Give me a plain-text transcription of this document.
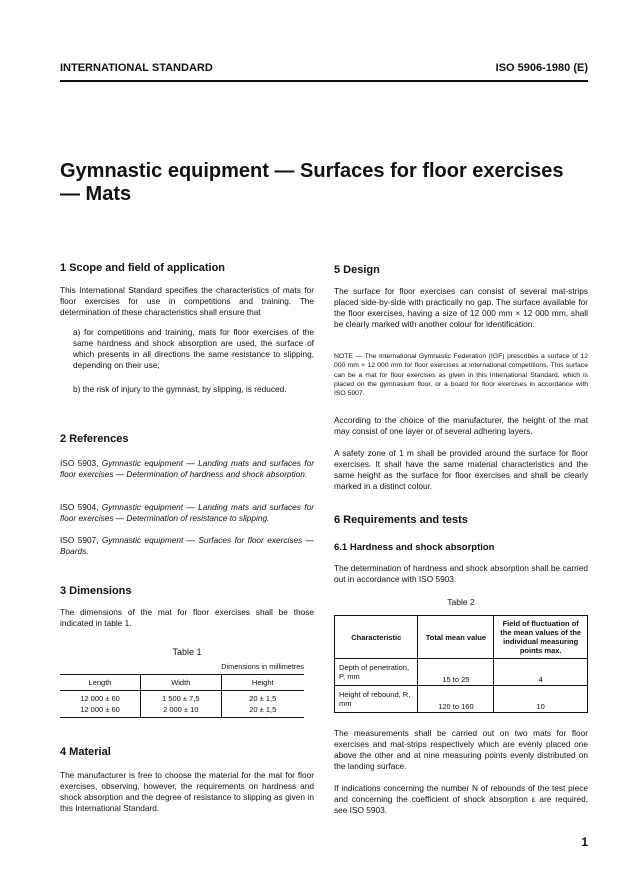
INTERNATIONAL STANDARD	ISO 5906-1980 (E)
Gymnastic equipment — Surfaces for floor exercises — Mats
1 Scope and field of application
This International Standard specifies the characteristics of mats for floor exercises for use in competitions and training. The determination of these characteristics shall ensure that
a) for competitions and training, mats for floor exercises of the same hardness and shock absorption are used, the surface of which presents in all directions the same resistance to slipping, depending on their use;
b) the risk of injury to the gymnast, by slipping, is reduced.
2 References
ISO 5903, Gymnastic equipment — Landing mats and surfaces for floor exercises — Determination of hardness and shock absorption.
ISO 5904, Gymnastic equipment — Landing mats and surfaces for floor exercises — Determination of resistance to slipping.
ISO 5907, Gymnastic equipment — Surfaces for floor exercises — Boards.
3 Dimensions
The dimensions of the mat for floor exercises shall be those indicated in table 1.
Table 1
Dimensions in millimetres
Length	Width	Height
12 000 ± 60	1 500 ± 7,5	20 ± 1,5
12 000 ± 60	2 000 ± 10	20 ± 1,5
4 Material
The manufacturer is free to choose the material for the mat for floor exercises, observing, however, the requirements on hardness and shock absorption and the degree of resistance to slipping as given in this International Standard.
5 Design
The surface for floor exercises can consist of several mat-strips placed side-by-side with practically no gap. The surface available for the floor exercises, having a size of 12 000 mm × 12 000 mm, shall be clearly marked with another colour for identification.
NOTE — The International Gymnastic Federation (IGF) prescribes a surface of 12 000 mm × 12 000 mm for floor exercises at international competitions. This surface can be a mat for floor exercises as given in this International Standard, which is placed on the gymnasium floor, or a board for floor exercises in accordance with ISO 5907.
According to the choice of the manufacturer, the height of the mat may consist of one layer or of several adhering layers.
A safety zone of 1 m shall be provided around the surface for floor exercises. It shall have the same material characteristics and the same height as the surface for floor exercises and shall be clearly marked in a distinct colour.
6 Requirements and tests
6.1 Hardness and shock absorption
The determination of hardness and shock absorption shall be carried out in accordance with ISO 5903.
Table 2
Characteristic	Total mean value	Field of fluctuation of the mean values of the individual measuring points max.
Depth of penetration, P, mm	15 to 25	4
Height of rebound, R, mm	120 to 160	10
The measurements shall be carried out on two mats for floor exercises and mat-strips respectively which are evenly placed one above the other and at nine measuring points evenly distributed on the landing surface.
If indications concerning the number N of rebounds of the test piece and concerning the coefficient of shock absorption ε are required, see ISO 5903.
1
